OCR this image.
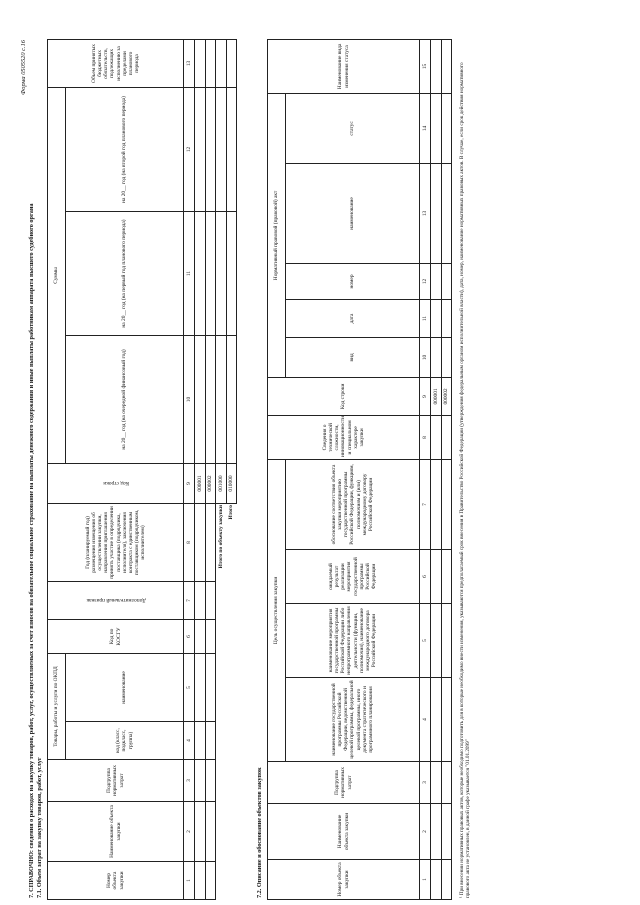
Форма 0505520 с.16
7. СПРАВОЧНО: сведения о расходах на закупку товаров, работ, услуг, осуществляемых за счет взносов на обязательное социальное страхование на выплаты денежного содержания и иные выплаты работникам аппарата высшего судебного органа 7.1. Объем затрат на закупку товаров, работ, услуг	Номер объекта закупки	Наименование объекта закупки	Подгруппа нормативных затрат	Товары, работы и услуги по ОКПД		Код по КОСГУ	Дополнительный признак	Год (планируемый год) размещения извещения об осуществлении закупки, направления приглашения принять участие в определении поставщика (подрядчика, исполнителя), заключения контракта с единственным поставщиком (подрядчиком, исполнителем)	Код строки	Суммы			Объем принятых бюджетных обязательств, подлежащих исполнению за пределами планового периода
			код (класс, подкласс, группа)	наименование					на 20__ год (на очередной финансовый год)	на 20__ год (на первый год планового периода)	на 20__ год (на второй год планового периода)	
1	2	3	4	5	6	7	8	9	10	11	12	13
								000001				
								000002				
						Итого по объекту закупки		001000				
						Итого		010000				
7.2. Описание и обоснование объектов закупок	Номер объекта закупки	Наименование объекта закупки	Подгруппа нормативных затрат	Цель осуществления закупки				Сведения о технической сложности, инновационности и специальном характере закупки	Код строки	Нормативный правовой (правовой) акт					Наименование вида изменения статуса
			наименование государственной программы Российской Федерации, ведомственной целевой программы, федеральной целевой программы, иного документа стратегического и программного планирования	наименование мероприятия государственной программы Российской Федерации либо непрограммного направления деятельности (функции, полномочия), наименование международного договора Российской Федерации	ожидаемый результат реализации мероприятия государственной программы Российской Федерации	обоснование соответствия объекта закупки мероприятию государственной программы Российской Федерации, функциям, полномочиям и (или) международному договору Российской Федерации			вид	дата	номер	наименование	статус	
1	2	3	4	5	6	7	8	9	10	11	12	13	14	15
								000001						
								000002						¹ При внесении нормативных правовых актов, которые необходимо подготовить для в которые необходимо внести изменения, указываются предполагаемый срок внесения в Правительство Российской Федерации (утверждения федеральным органом исполнительной власти), дата, номер, наименование нормативных правовых актов. В случае, если срок действия нормативного правового акта не установлен, в данной графе указывается "01.01.2099"
